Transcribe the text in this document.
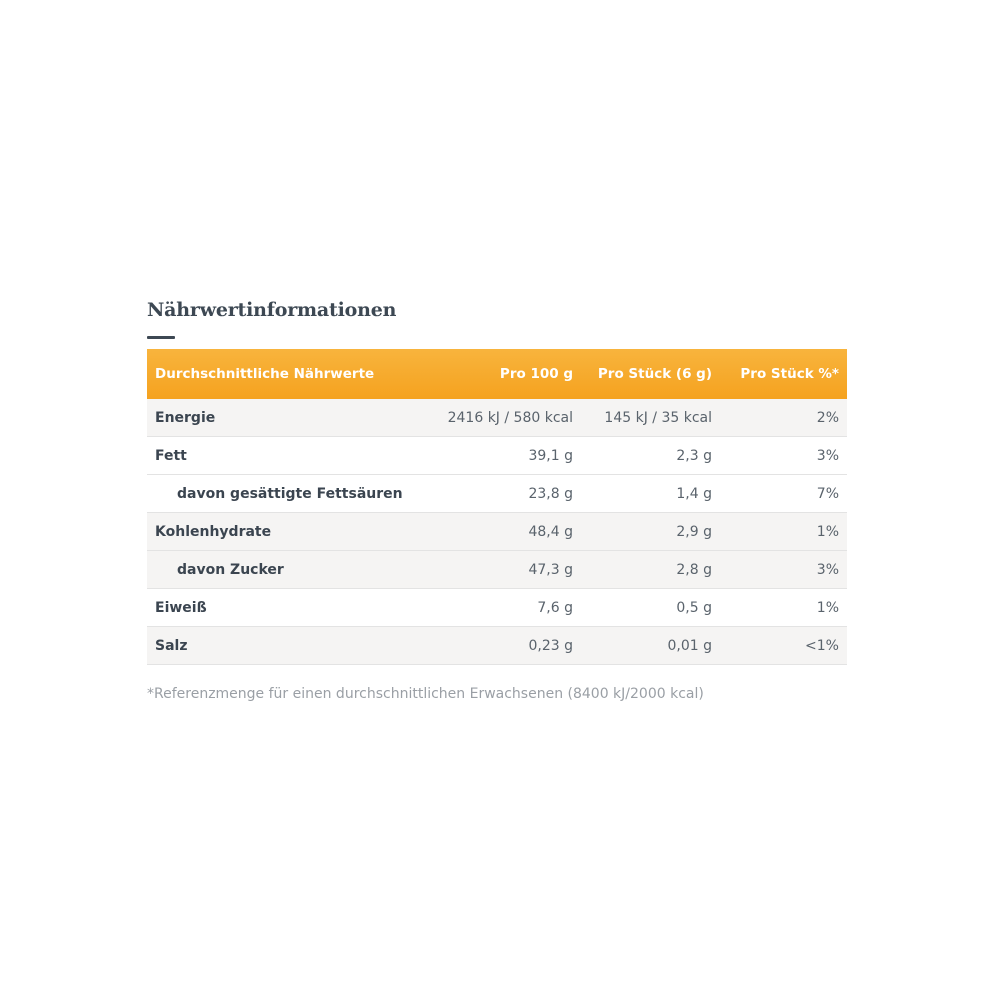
Nährwertinformationen
Durchschnittliche Nährwerte	Pro 100 g	Pro Stück (6 g)	Pro Stück %*
Energie	2416 kJ / 580 kcal	145 kJ / 35 kcal	2%
Fett	39,1 g	2,3 g	3%
davon gesättigte Fettsäuren	23,8 g	1,4 g	7%
Kohlenhydrate	48,4 g	2,9 g	1%
davon Zucker	47,3 g	2,8 g	3%
Eiweiß	7,6 g	0,5 g	1%
Salz	0,23 g	0,01 g	<1%
*Referenzmenge für einen durchschnittlichen Erwachsenen (8400 kJ/2000 kcal)
